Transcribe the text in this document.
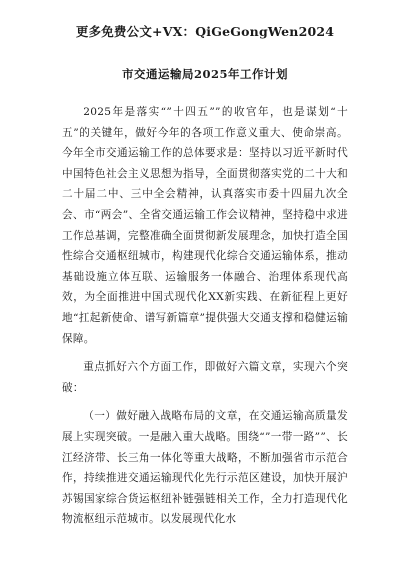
更多免费公文+VX：QiGeGongWen2024
市交通运输局2025年工作计划

2025年是落实“”十四五””的收官年，也是谋划“十五”的关键年，做好今年的各项工作意义重大、使命崇高。今年全市交通运输工作的总体要求是：坚持以习近平新时代中国特色社会主义思想为指导，全面贯彻落实党的二十大和二十届二中、三中全会精神，认真落实市委十四届九次全会、市“两会”、全省交通运输工作会议精神，坚持稳中求进工作总基调，完整准确全面贯彻新发展理念，加快打造全国性综合交通枢纽城市，构建现代化综合交通运输体系，推动基础设施立体互联、运输服务一体融合、治理体系现代高效，为全面推进中国式现代化XX新实践、在新征程上更好地“扛起新使命、谱写新篇章”提供强大交通支撑和稳健运输保障。

重点抓好六个方面工作，即做好六篇文章，实现六个突破：

（一）做好融入战略布局的文章，在交通运输高质量发展上实现突破。一是融入重大战略。围绕“”一带一路””、长江经济带、长三角一体化等重大战略，不断加强省市示范合作，持续推进交通运输现代化先行示范区建设，加快开展沪苏锡国家综合货运枢纽补链强链相关工作，全力打造现代化物流枢纽示范城市。以发展现代化水
